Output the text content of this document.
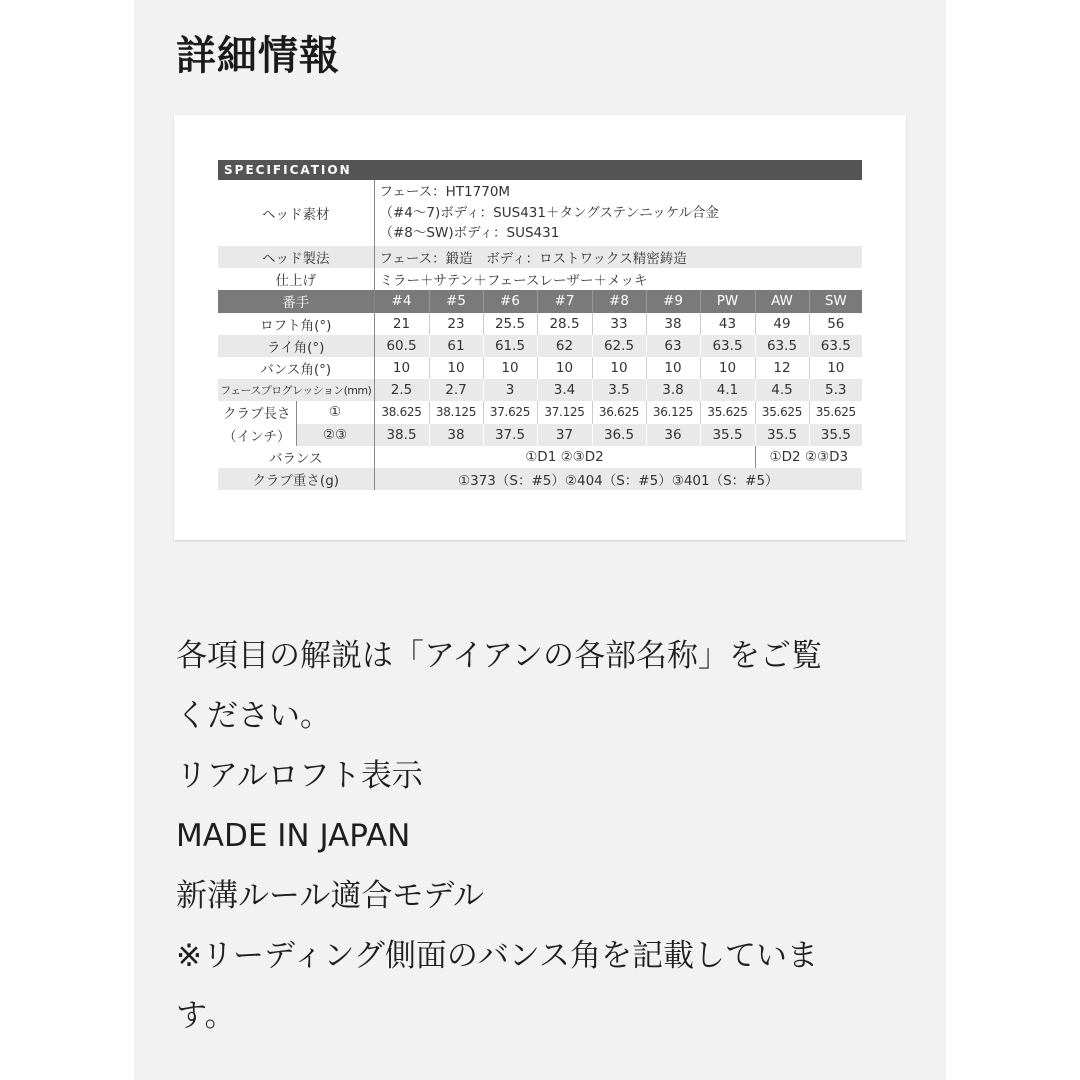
詳細情報
SPECIFICATION
ヘッド素材		フェース：HT1770M
（#4～7)ボディ：SUS431＋タングステンニッケル合金
（#8～SW)ボディ：SUS431								

ヘッド製法		フェース：鍛造　ボディ：ロストワックス精密鋳造								
仕上げ		ミラー＋サテン＋フェースレーザー＋メッキ								
番手		#4	#5	#6	#7	#8	#9	PW	AW	SW
ロフト角(°)		21	23	25.5	28.5	33	38	43	49	56
ライ角(°)		60.5	61	61.5	62	62.5	63	63.5	63.5	63.5
バンス角(°)		10	10	10	10	10	10	10	12	10
フェースプログレッション(mm)		2.5	2.7	3	3.4	3.5	3.8	4.1	4.5	5.3
クラブ長さ	①	38.625	38.125	37.625	37.125	36.625	36.125	35.625	35.625	35.625
（インチ）	②③	38.5	38	37.5	37	36.5	36	35.5	35.5	35.5
バランス		①D1 ②③D2							①D2 ②③D3	
クラブ重さ(g)		①373（S：#5）②404（S：#5）③401（S：#5）								

各項目の解説は「アイアンの各部名称」をご覧

ください。

リアルロフト表示

MADE IN JAPAN

新溝ルール適合モデル

※リーディング側面のバンス角を記載していま

す。
